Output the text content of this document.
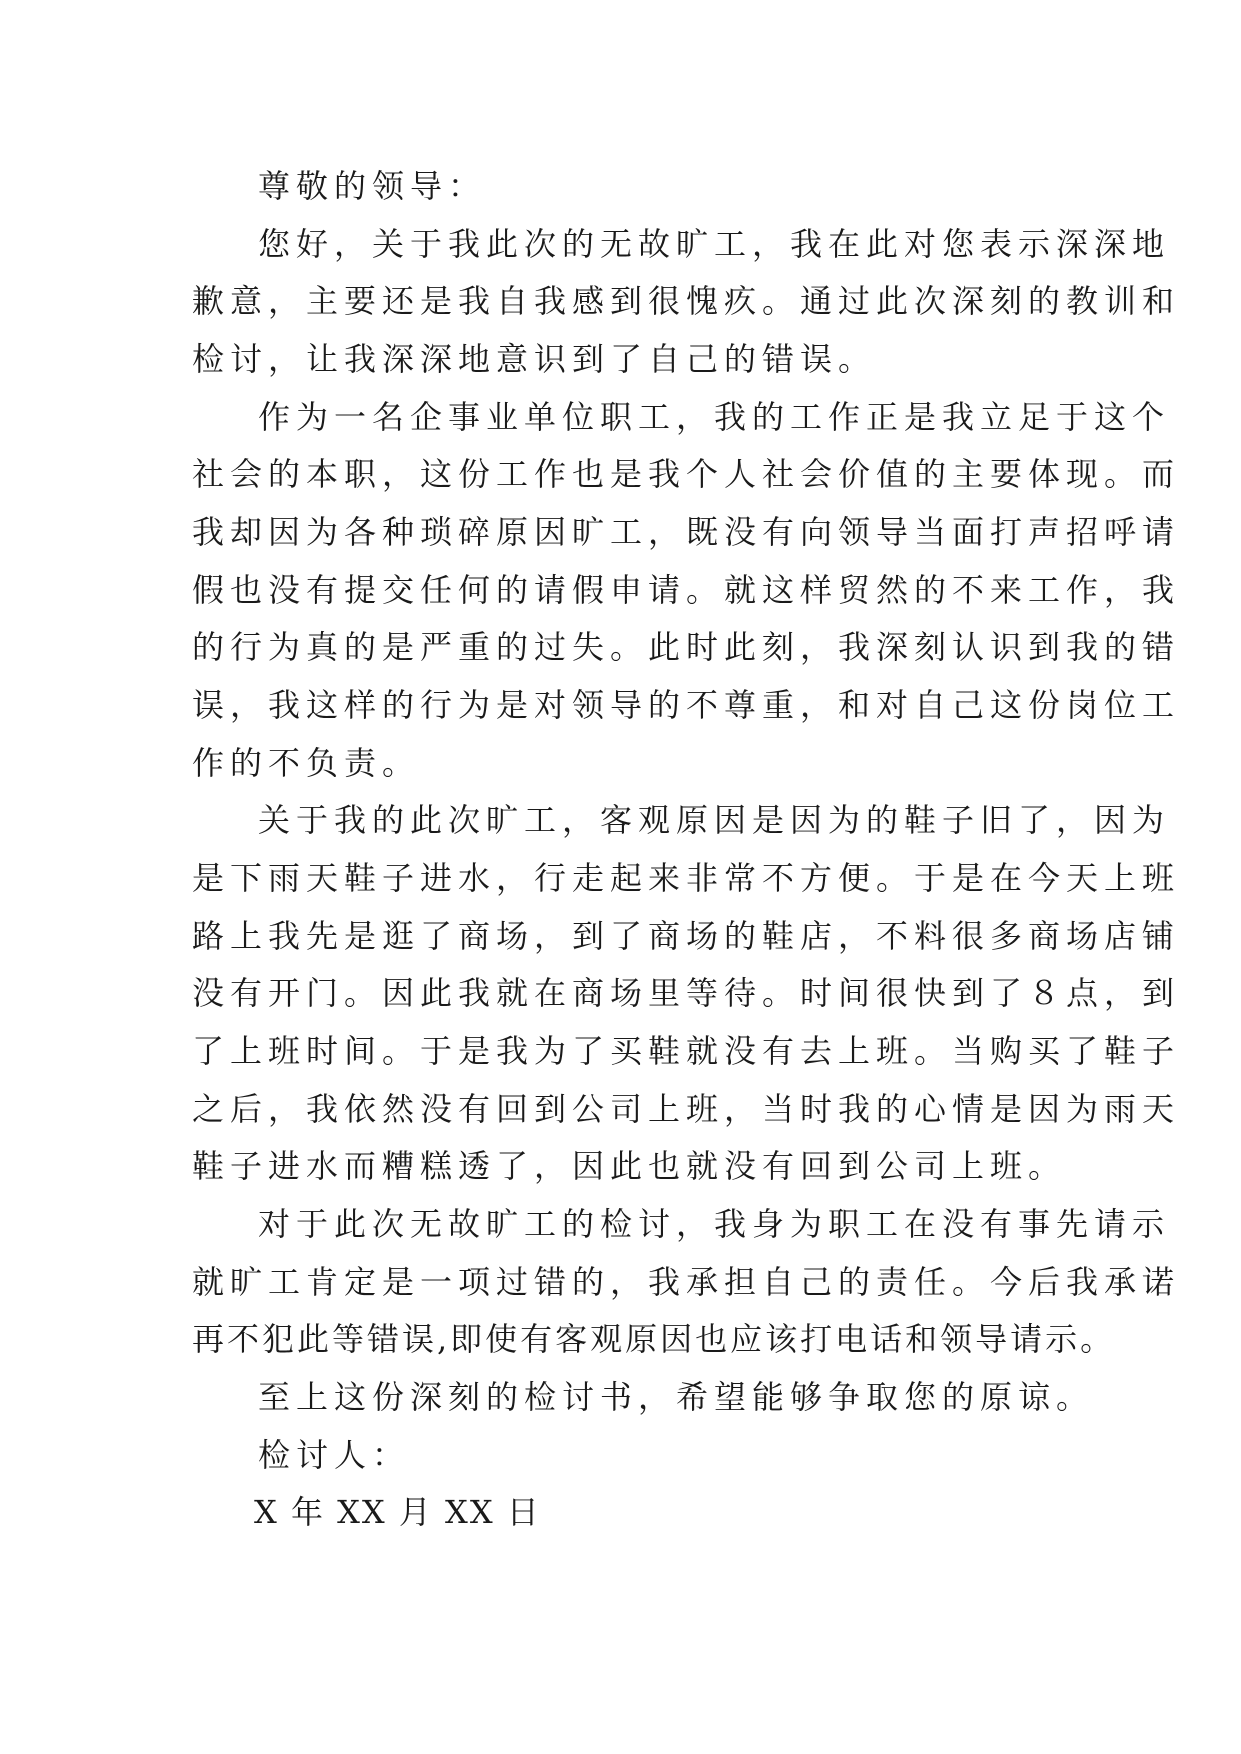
尊敬的领导：
您好，关于我此次的无故旷工，我在此对您表示深深地
歉意，主要还是我自我感到很愧疚。通过此次深刻的教训和
检讨，让我深深地意识到了自己的错误。
作为一名企事业单位职工，我的工作正是我立足于这个
社会的本职，这份工作也是我个人社会价值的主要体现。而
我却因为各种琐碎原因旷工，既没有向领导当面打声招呼请
假也没有提交任何的请假申请。就这样贸然的不来工作，我
的行为真的是严重的过失。此时此刻，我深刻认识到我的错
误，我这样的行为是对领导的不尊重，和对自己这份岗位工
作的不负责。
关于我的此次旷工，客观原因是因为的鞋子旧了，因为
是下雨天鞋子进水，行走起来非常不方便。于是在今天上班
路上我先是逛了商场，到了商场的鞋店，不料很多商场店铺
没有开门。因此我就在商场里等待。时间很快到了８点，到
了上班时间。于是我为了买鞋就没有去上班。当购买了鞋子
之后，我依然没有回到公司上班，当时我的心情是因为雨天
鞋子进水而糟糕透了，因此也就没有回到公司上班。
对于此次无故旷工的检讨，我身为职工在没有事先请示
就旷工肯定是一项过错的，我承担自己的责任。今后我承诺
再不犯此等错误,即使有客观原因也应该打电话和领导请示。
至上这份深刻的检讨书，希望能够争取您的原谅。
检讨人：
X 年 XX 月 XX 日
